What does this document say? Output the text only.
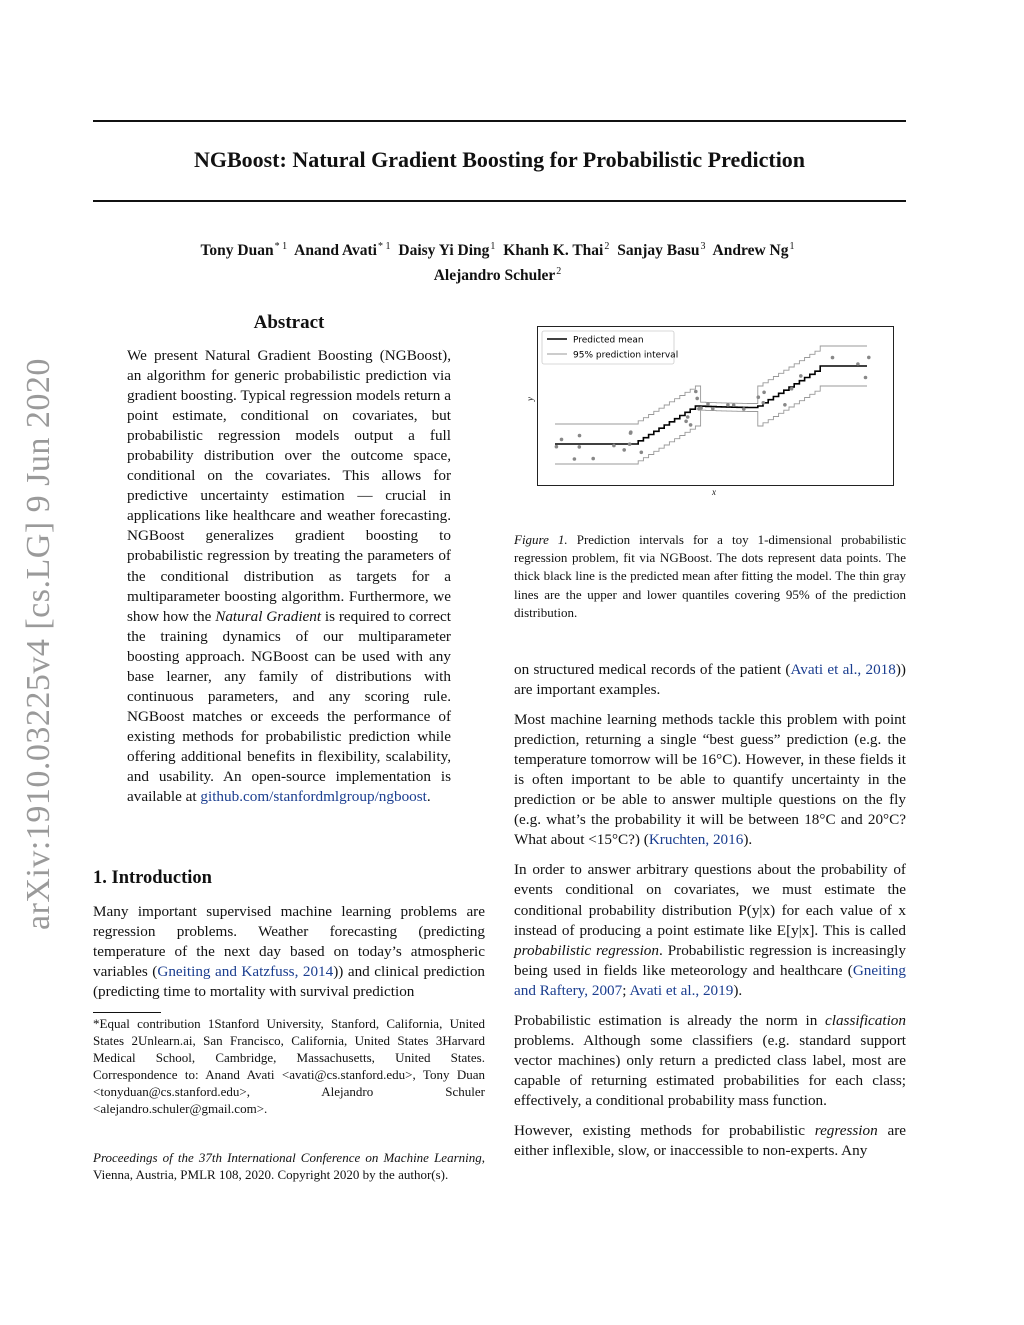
NGBoost: Natural Gradient Boosting for Probabilistic Prediction
Tony Duan$^{* 1}$ Anand Avati$^{* 1}$ Daisy Yi Ding$^1$ Khanh K. Thai$^2$ Sanjay Basu$^3$ Andrew Ng$^1$
Alejandro Schuler$^2$
arXiv:1910.03225v4 [cs.LG] 9 Jun 2020
Abstract
We present Natural Gradient Boosting (NGBoost), an algorithm for generic probabilistic prediction via gradient boosting. Typical regression models return a point estimate, conditional on covariates, but probabilistic regression models output a full probability distribution over the outcome space, conditional on the covariates. This allows for predictive uncertainty estimation — crucial in applications like healthcare and weather forecasting. NGBoost generalizes gradient boosting to probabilistic regression by treating the parameters of the conditional distribution as targets for a multiparameter boosting algorithm. Furthermore, we show how the Natural Gradient is required to correct the training dynamics of our multiparameter boosting approach. NGBoost can be used with any base learner, any family of distributions with continuous parameters, and any scoring rule. NGBoost matches or exceeds the performance of existing methods for probabilistic prediction while offering additional benefits in flexibility, scalability, and usability. An open-source implementation is available at github.com/stanfordmlgroup/ngboost.
1. Introduction

Many important supervised machine learning problems are regression problems. Weather forecasting (predicting temperature of the next day based on today’s atmospheric variables (Gneiting and Katzfuss, 2014)) and clinical prediction (predicting time to mortality with survival prediction

*Equal contribution 1Stanford University, Stanford, California, United States 2Unlearn.ai, San Francisco, California, United States 3Harvard Medical School, Cambridge, Massachusetts, United States. Correspondence to: Anand Avati <avati@cs.stanford.edu>, Tony Duan <tonyduan@cs.stanford.edu>, Alejandro Schuler <alejandro.schuler@gmail.com>.
Proceedings of the 37th International Conference on Machine Learning, Vienna, Austria, PMLR 108, 2020. Copyright 2020 by the author(s).
Predicted mean
95% prediction interval
y
x
Figure 1. Prediction intervals for a toy 1-dimensional probabilistic regression problem, fit via NGBoost. The dots represent data points. The thick black line is the predicted mean after fitting the model. The thin gray lines are the upper and lower quantiles covering 95% of the prediction distribution.

on structured medical records of the patient (Avati et al., 2018)) are important examples.

Most machine learning methods tackle this problem with point prediction, returning a single “best guess” prediction (e.g. the temperature tomorrow will be 16°C). However, in these fields it is often important to be able to quantify uncertainty in the prediction or be able to answer multiple questions on the fly (e.g. what’s the probability it will be between 18°C and 20°C? What about <15°C?) (Kruchten, 2016).

In order to answer arbitrary questions about the probability of events conditional on covariates, we must estimate the conditional probability distribution P(y|x) for each value of x instead of producing a point estimate like E[y|x]. This is called probabilistic regression. Probabilistic regression is increasingly being used in fields like meteorology and healthcare (Gneiting and Raftery, 2007; Avati et al., 2019).

Probabilistic estimation is already the norm in classification problems. Although some classifiers (e.g. standard support vector machines) only return a predicted class label, most are capable of returning estimated probabilities for each class; effectively, a conditional probability mass function.

However, existing methods for probabilistic regression are either inflexible, slow, or inaccessible to non-experts. Any
